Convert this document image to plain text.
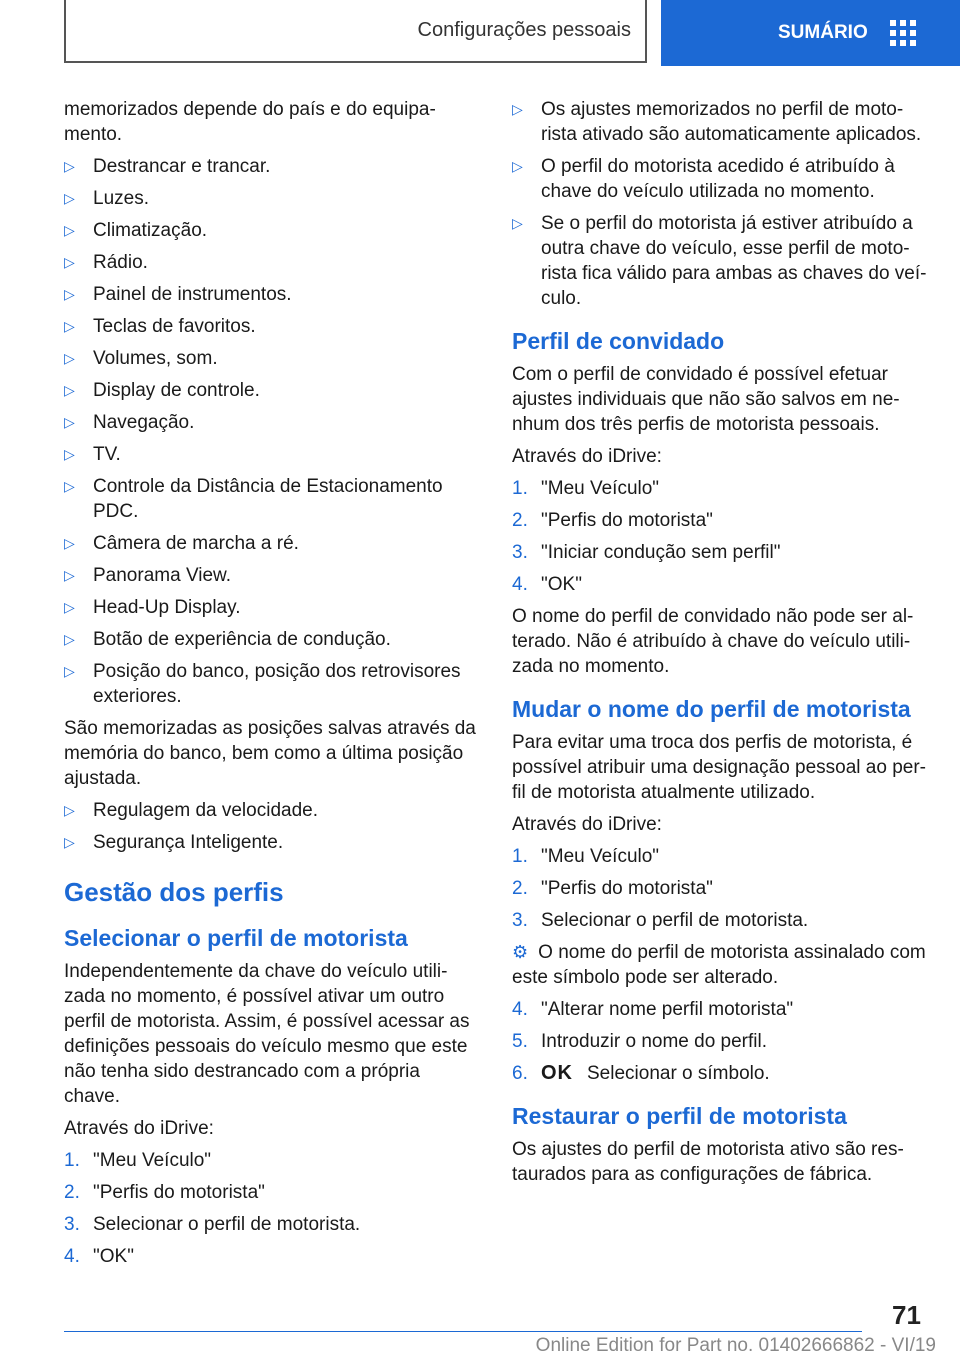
Configurações pessoais	SUMÁRIO

memorizados depende do país e do equipa-mento.

▷ Destrancar e trancar.
▷ Luzes.
▷ Climatização.
▷ Rádio.
▷ Painel de instrumentos.
▷ Teclas de favoritos.
▷ Volumes, som.
▷ Display de controle.
▷ Navegação.
▷ TV.
▷ Controle da Distância de Estacionamento PDC.
▷ Câmera de marcha a ré.
▷ Panorama View.
▷ Head-Up Display.
▷ Botão de experiência de condução.
▷ Posição do banco, posição dos retrovisores exteriores.

São memorizadas as posições salvas através da memória do banco, bem como a última posição ajustada.

▷ Regulagem da velocidade.
▷ Segurança Inteligente.
Gestão dos perfis
Selecionar o perfil de motorista

Independentemente da chave do veículo utili-zada no momento, é possível ativar um outro perfil de motorista. Assim, é possível acessar as definições pessoais do veículo mesmo que este não tenha sido destrancado com a própria chave.

Através do iDrive:

1. "Meu Veículo"
2. "Perfis do motorista"
3. Selecionar o perfil de motorista.
4. "OK"
▷ Os ajustes memorizados no perfil de moto-rista ativado são automaticamente aplicados.
▷ O perfil do motorista acedido é atribuído à chave do veículo utilizada no momento.
▷ Se o perfil do motorista já estiver atribuído a outra chave do veículo, esse perfil de moto-rista fica válido para ambas as chaves do veí-culo.
Perfil de convidado

Com o perfil de convidado é possível efetuar ajustes individuais que não são salvos em ne-nhum dos três perfis de motorista pessoais.

Através do iDrive:

1. "Meu Veículo"
2. "Perfis do motorista"
3. "Iniciar condução sem perfil"
4. "OK"

O nome do perfil de convidado não pode ser al-terado. Não é atribuído à chave do veículo utili-zada no momento.

Mudar o nome do perfil de motorista

Para evitar uma troca dos perfis de motorista, é possível atribuir uma designação pessoal ao per-fil de motorista atualmente utilizado.

Através do iDrive:

1. "Meu Veículo"
2. "Perfis do motorista"
3. Selecionar o perfil de motorista.

⚙ O nome do perfil de motorista assinalado com este símbolo pode ser alterado.

4. "Alterar nome perfil motorista"
5. Introduzir o nome do perfil.
6. OK Selecionar o símbolo.
Restaurar o perfil de motorista

Os ajustes do perfil de motorista ativo são res-taurados para as configurações de fábrica.

71
Online Edition for Part no. 01402666862 - VI/19
